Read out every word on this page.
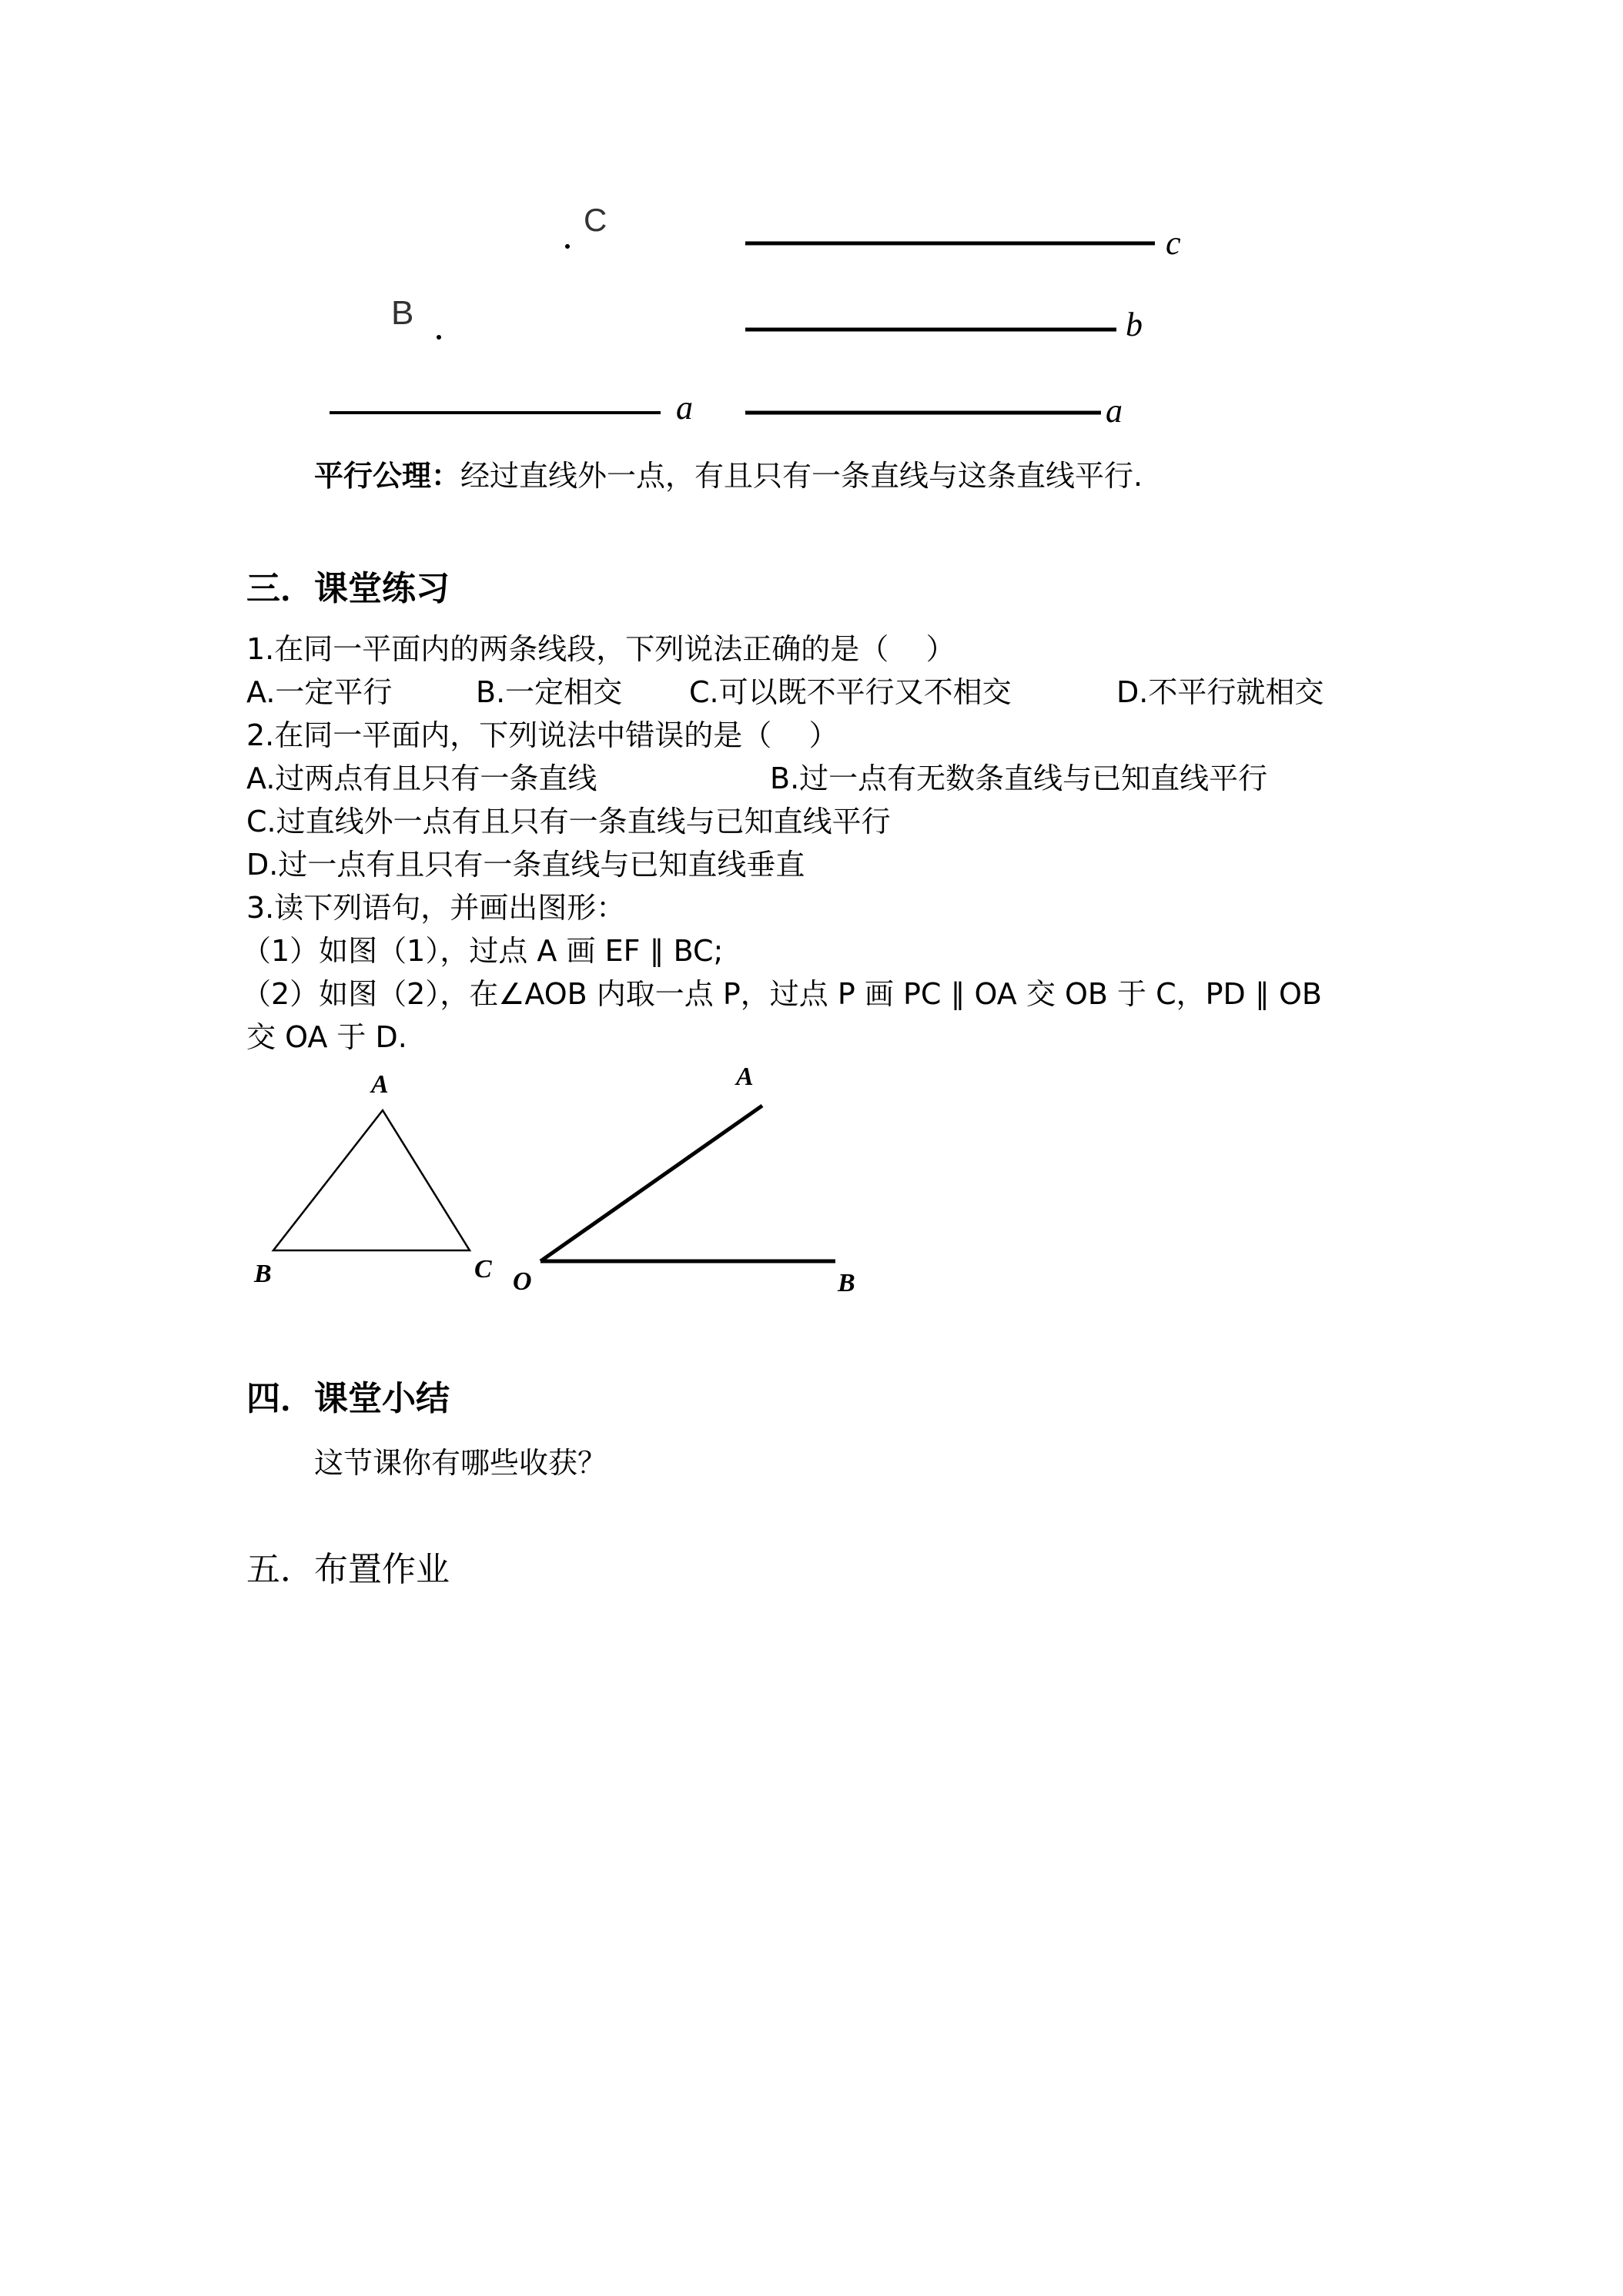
C
B
c
b
a	a
平行公理：经过直线外一点，有且只有一条直线与这条直线平行.
三．课堂练习
1.在同一平面内的两条线段，下列说法正确的是（    ）
A.一定平行	B.一定相交 C.可以既不平行又不相交	D.不平行就相交
2.在同一平面内，下列说法中错误的是（    ）
A.过两点有且只有一条直线	B.过一点有无数条直线与已知直线平行
C.过直线外一点有且只有一条直线与已知直线平行
D.过一点有且只有一条直线与已知直线垂直
3.读下列语句，并画出图形：
（1）如图（1），过点 A 画 EF ∥ BC;
（2）如图（2），在∠AOB 内取一点 P，过点 P 画 PC ∥ OA 交 OB 于 C，PD ∥ OB
交 OA 于 D.
A
B	C
A
O	B
四．课堂小结
这节课你有哪些收获？
五．布置作业
